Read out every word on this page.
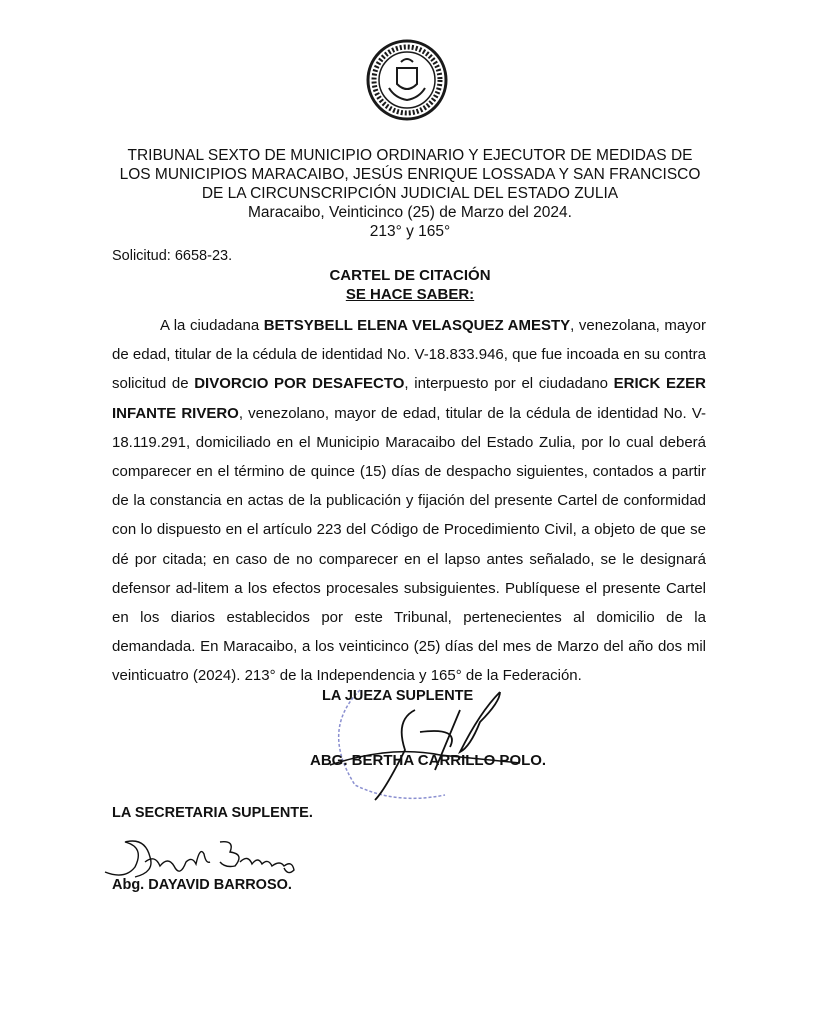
TRIBUNAL SEXTO DE MUNICIPIO ORDINARIO Y EJECUTOR DE MEDIDAS DE
LOS MUNICIPIOS MARACAIBO, JESÚS ENRIQUE LOSSADA Y SAN FRANCISCO
DE LA CIRCUNSCRIPCIÓN JUDICIAL DEL ESTADO ZULIA
Maracaibo, Veinticinco (25) de Marzo del 2024.
213° y 165°
Solicitud: 6658-23.
CARTEL DE CITACIÓN
SE HACE SABER:
A la ciudadana BETSYBELL ELENA VELASQUEZ AMESTY, venezolana, mayor de edad, titular de la cédula de identidad No. V-18.833.946, que fue incoada en su contra solicitud de DIVORCIO POR DESAFECTO, interpuesto por el ciudadano ERICK EZER INFANTE RIVERO, venezolano, mayor de edad, titular de la cédula de identidad No. V-18.119.291, domiciliado en el Municipio Maracaibo del Estado Zulia, por lo cual deberá comparecer en el término de quince (15) días de despacho siguientes, contados a partir de la constancia en actas de la publicación y fijación del presente Cartel de conformidad con lo dispuesto en el artículo 223 del Código de Procedimiento Civil, a objeto de que se dé por citada; en caso de no comparecer en el lapso antes señalado, se le designará defensor ad-litem a los efectos procesales subsiguientes. Publíquese el presente Cartel en los diarios establecidos por este Tribunal, pertenecientes al domicilio de la demandada. En Maracaibo, a los veinticinco (25) días del mes de Marzo del año dos mil veinticuatro (2024). 213° de la Independencia y 165° de la Federación.
LA JUEZA SUPLENTE
ABG. BERTHA CARRILLO POLO.
LA SECRETARIA SUPLENTE.
Abg. DAYAVID BARROSO.
